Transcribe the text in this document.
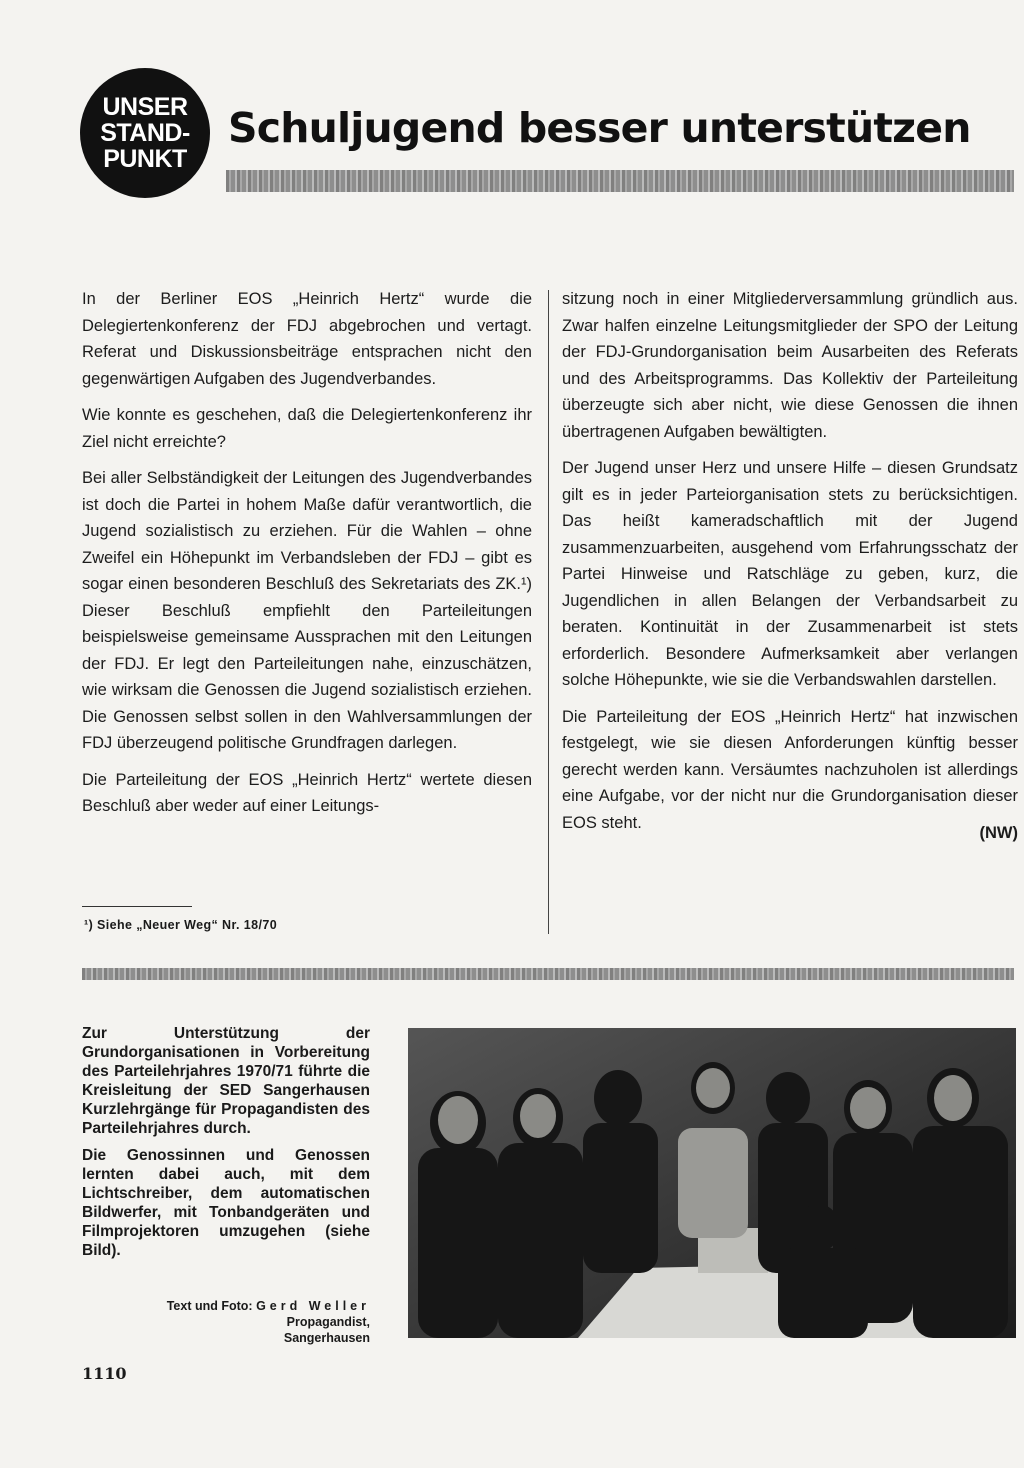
UNSER
STAND-
PUNKT
Schuljugend besser unterstützen

In der Berliner EOS „Heinrich Hertz“ wurde die Delegiertenkonferenz der FDJ abgebrochen und vertagt. Referat und Diskussionsbeiträge entsprachen nicht den gegenwärtigen Aufgaben des Jugendverbandes.

Wie konnte es geschehen, daß die Delegiertenkonferenz ihr Ziel nicht erreichte?

Bei aller Selbständigkeit der Leitungen des Jugendverbandes ist doch die Partei in hohem Maße dafür verantwortlich, die Jugend sozialistisch zu erziehen. Für die Wahlen – ohne Zweifel ein Höhepunkt im Verbandsleben der FDJ – gibt es sogar einen besonderen Beschluß des Sekretariats des ZK.¹) Dieser Beschluß empfiehlt den Parteileitungen beispielsweise gemeinsame Aussprachen mit den Leitungen der FDJ. Er legt den Parteileitungen nahe, einzuschätzen, wie wirksam die Genossen die Jugend sozialistisch erziehen. Die Genossen selbst sollen in den Wahlversammlungen der FDJ überzeugend politische Grundfragen darlegen.

Die Parteileitung der EOS „Heinrich Hertz“ wertete diesen Beschluß aber weder auf einer Leitungs-

¹) Siehe „Neuer Weg“ Nr. 18/70

sitzung noch in einer Mitgliederversammlung gründlich aus. Zwar halfen einzelne Leitungsmitglieder der SPO der Leitung der FDJ-Grundorganisation beim Ausarbeiten des Referats und des Arbeitsprogramms. Das Kollektiv der Parteileitung überzeugte sich aber nicht, wie diese Genossen die ihnen übertragenen Aufgaben bewältigten.

Der Jugend unser Herz und unsere Hilfe – diesen Grundsatz gilt es in jeder Parteiorganisation stets zu berücksichtigen. Das heißt kameradschaftlich mit der Jugend zusammenzuarbeiten, ausgehend vom Erfahrungsschatz der Partei Hinweise und Ratschläge zu geben, kurz, die Jugendlichen in allen Belangen der Verbandsarbeit zu beraten. Kontinuität in der Zusammenarbeit ist stets erforderlich. Besondere Aufmerksamkeit aber verlangen solche Höhepunkte, wie sie die Verbandswahlen darstellen.

Die Parteileitung der EOS „Heinrich Hertz“ hat inzwischen festgelegt, wie sie diesen Anforderungen künftig besser gerecht werden kann. Versäumtes nachzuholen ist allerdings eine Aufgabe, vor der nicht nur die Grundorganisation dieser EOS steht.

(NW)

Zur Unterstützung der Grundorganisationen in Vorbereitung des Parteilehrjahres 1970/71 führte die Kreisleitung der SED Sangerhausen Kurzlehrgänge für Propagandisten des Parteilehrjahres durch.

Die Genossinnen und Genossen lernten dabei auch, mit dem Lichtschreiber, dem automatischen Bildwerfer, mit Tonbandgeräten und Filmprojektoren umzugehen (siehe Bild).

Text und Foto: Gerd Weller
Propagandist,
Sangerhausen
1110
